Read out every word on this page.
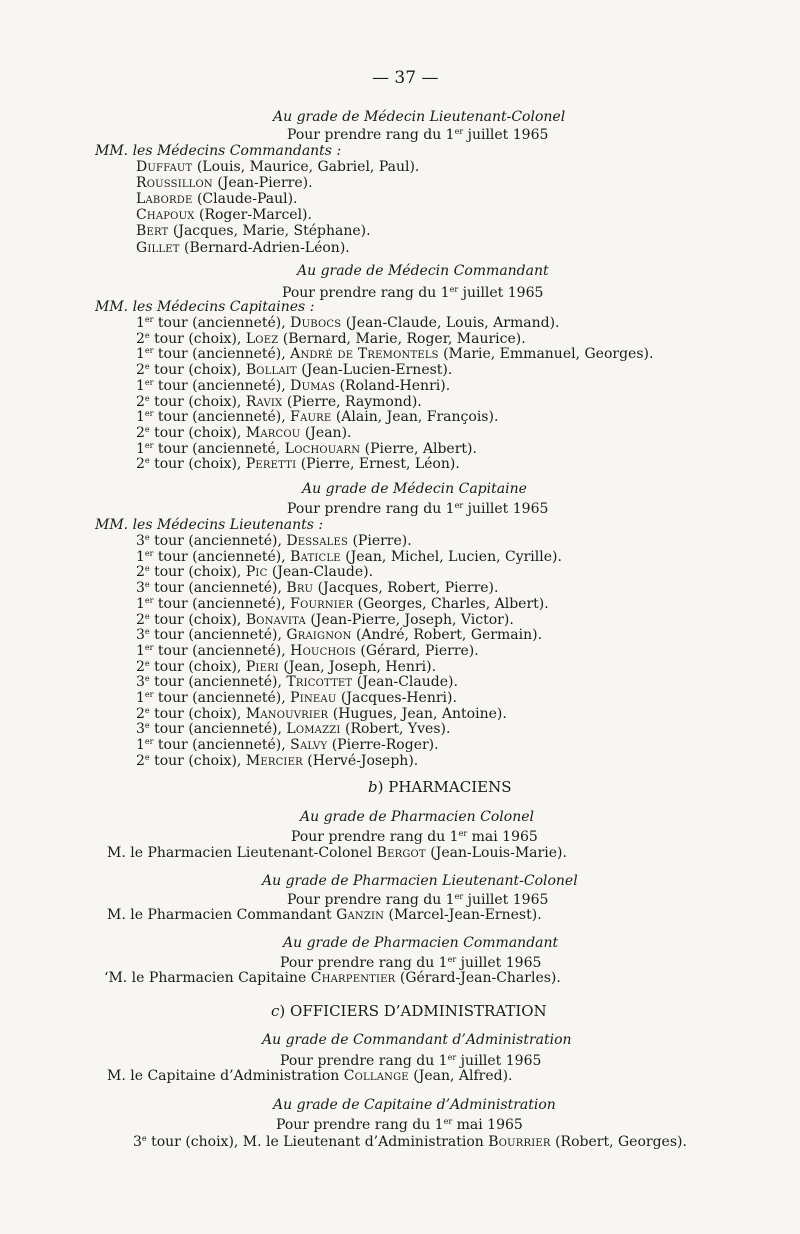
— 37 —
Au grade de Médecin Lieutenant-Colonel
Pour prendre rang du 1er juillet 1965
MM. les Médecins Commandants :
Duffaut (Louis, Maurice, Gabriel, Paul).
Roussillon (Jean-Pierre).
Laborde (Claude-Paul).
Chapoux (Roger-Marcel).
Bert (Jacques, Marie, Stéphane).
Gillet (Bernard-Adrien-Léon).
Au grade de Médecin Commandant
Pour prendre rang du 1er juillet 1965
MM. les Médecins Capitaines :
1er tour (ancienneté), Dubocs (Jean-Claude, Louis, Armand).
2e tour (choix), Loez (Bernard, Marie, Roger, Maurice).
1er tour (ancienneté), André de Tremontels (Marie, Emmanuel, Georges).
2e tour (choix), Bollait (Jean-Lucien-Ernest).
1er tour (ancienneté), Dumas (Roland-Henri).
2e tour (choix), Ravix (Pierre, Raymond).
1er tour (ancienneté), Faure (Alain, Jean, François).
2e tour (choix), Marcou (Jean).
1er tour (ancienneté, Lochouarn (Pierre, Albert).
2e tour (choix), Peretti (Pierre, Ernest, Léon).
Au grade de Médecin Capitaine
Pour prendre rang du 1er juillet 1965
MM. les Médecins Lieutenants :
3e tour (ancienneté), Dessales (Pierre).
1er tour (ancienneté), Baticle (Jean, Michel, Lucien, Cyrille).
2e tour (choix), Pic (Jean-Claude).
3e tour (ancienneté), Bru (Jacques, Robert, Pierre).
1er tour (ancienneté), Fournier (Georges, Charles, Albert).
2e tour (choix), Bonavita (Jean-Pierre, Joseph, Victor).
3e tour (ancienneté), Graignon (André, Robert, Germain).
1er tour (ancienneté), Houchois (Gérard, Pierre).
2e tour (choix), Pieri (Jean, Joseph, Henri).
3e tour (ancienneté), Tricottet (Jean-Claude).
1er tour (ancienneté), Pineau (Jacques-Henri).
2e tour (choix), Manouvrier (Hugues, Jean, Antoine).
3e tour (ancienneté), Lomazzi (Robert, Yves).
1er tour (ancienneté), Salvy (Pierre-Roger).
2e tour (choix), Mercier (Hervé-Joseph).
b) PHARMACIENS
Au grade de Pharmacien Colonel
Pour prendre rang du 1er mai 1965
M. le Pharmacien Lieutenant-Colonel Bergot (Jean-Louis-Marie).
Au grade de Pharmacien Lieutenant-Colonel
Pour prendre rang du 1er juillet 1965
M. le Pharmacien Commandant Ganzin (Marcel-Jean-Ernest).
Au grade de Pharmacien Commandant
Pour prendre rang du 1er juillet 1965
‘M. le Pharmacien Capitaine Charpentier (Gérard-Jean-Charles).
c) OFFICIERS D’ADMINISTRATION
Au grade de Commandant d’Administration
Pour prendre rang du 1er juillet 1965
M. le Capitaine d’Administration Collange (Jean, Alfred).
Au grade de Capitaine d’Administration
Pour prendre rang du 1er mai 1965
3e tour (choix), M. le Lieutenant d’Administration Bourrier (Robert, Georges).
